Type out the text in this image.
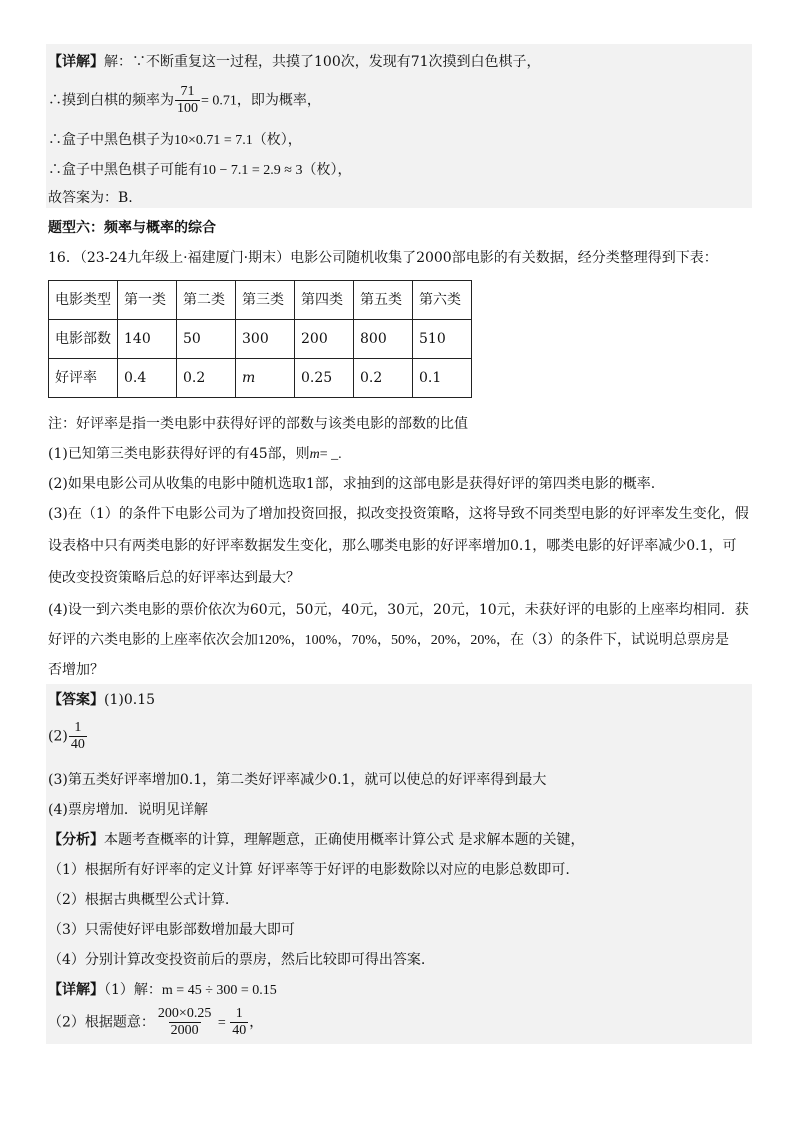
【详解】解：∵不断重复这一过程，共摸了100次，发现有71次摸到白色棋子，
∴摸到白棋的频率为 $\frac{71}{100} = 0.71$，即为概率，
∴盒子中黑色棋子为10×0.71 = 7.1（枚），
∴盒子中黑色棋子可能有10 − 7.1 = 2.9 ≈ 3（枚），
故答案为：B.
题型六：频率与概率的综合
16．（23-24九年级上·福建厦门·期末）电影公司随机收集了2000部电影的有关数据，经分类整理得到下表：
电影类型	第一类	第二类	第三类	第四类	第五类	第六类
电影部数	140	50	300	200	800	510
好评率	0.4	0.2	m	0.25	0.2	0.1
注：好评率是指一类电影中获得好评的部数与该类电影的部数的比值
(1)已知第三类电影获得好评的有45部，则m= _.
(2)如果电影公司从收集的电影中随机选取1部，求抽到的这部电影是获得好评的第四类电影的概率.
(3)在（1）的条件下电影公司为了增加投资回报，拟改变投资策略，这将导致不同类型电影的好评率发生变化，假
设表格中只有两类电影的好评率数据发生变化，那么哪类电影的好评率增加0.1，哪类电影的好评率减少0.1，可
使改变投资策略后总的好评率达到最大？
(4)设一到六类电影的票价依次为60元，50元，40元，30元，20元，10元，未获好评的电影的上座率均相同．获
好评的六类电影的上座率依次会加120%，100%，70%，50%，20%，20%，在（3）的条件下，试说明总票房是
否增加？
【答案】(1)0.15
$(2) \frac{1}{40}$
(3)第五类好评率增加0.1，第二类好评率减少0.1，就可以使总的好评率得到最大
(4)票房增加．说明见详解
【分析】本题考查概率的计算，理解题意，正确使用概率计算公式 是求解本题的关键，
（1）根据所有好评率的定义计算 好评率等于好评的电影数除以对应的电影总数即可.
（2）根据古典概型公式计算.
（3）只需使好评电影部数增加最大即可
（4）分别计算改变投资前后的票房，然后比较即可得出答案.
【详解】（1）解：m = 45 ÷ 300 = 0.15
（2）根据题意： $\frac{200\times 0.25}{2000} = \frac{1}{40}$ ，
